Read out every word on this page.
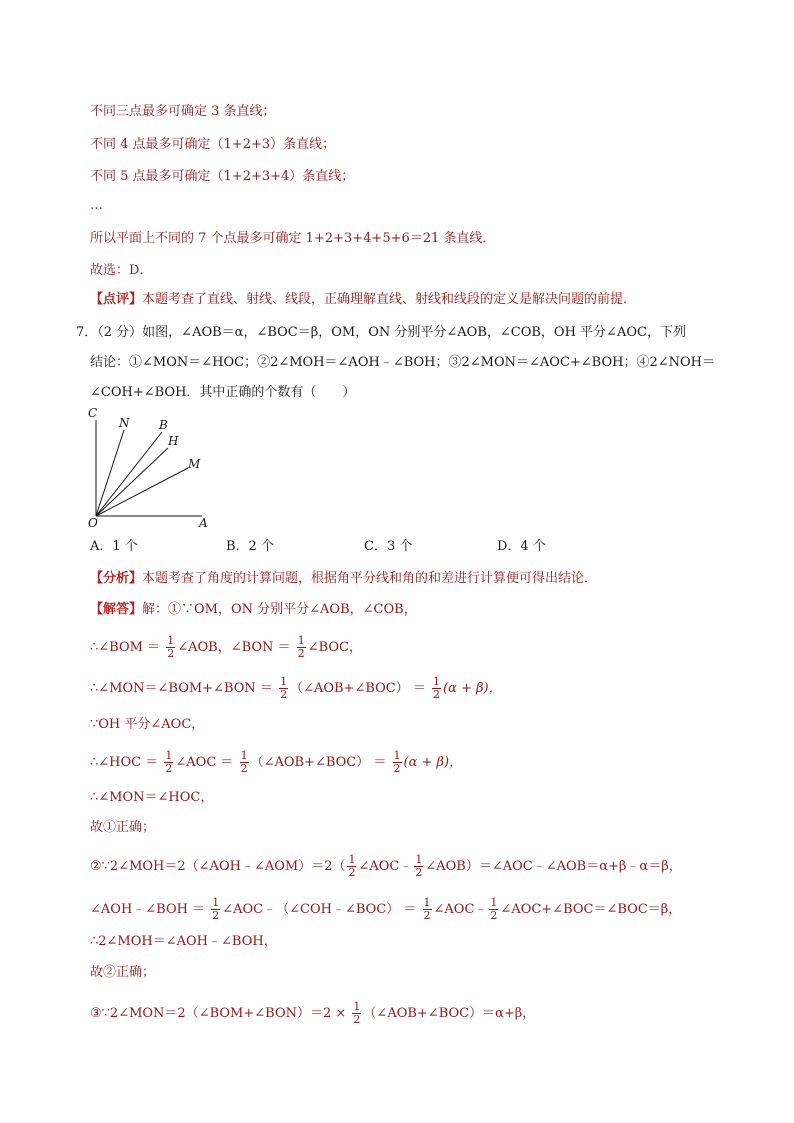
不同三点最多可确定 3 条直线；
不同 4 点最多可确定（1+2+3）条直线；
不同 5 点最多可确定（1+2+3+4）条直线；
…
所以平面上不同的 7 个点最多可确定 1+2+3+4+5+6＝21 条直线．
故选：D．
【点评】本题考查了直线、射线、线段，正确理解直线、射线和线段的定义是解决问题的前提．
7．（2 分）如图，∠AOB＝α，∠BOC＝β，OM，ON 分别平分∠AOB，∠COB，OH 平分∠AOC，下列
结论：①∠MON＝∠HOC；②2∠MOH＝∠AOH﹣∠BOH；③2∠MON＝∠AOC+∠BOH；④2∠NOH＝
∠COH+∠BOH．其中正确的个数有（　　）
C
N B
H
M
O	A
A．1 个	B．2 个	C．3 个	D．4 个
【分析】本题考查了角度的计算问题，根据角平分线和角的和差进行计算便可得出结论．
【解答】解：①∵OM，ON 分别平分∠AOB，∠COB，
∴∠BOM ＝ $\frac{1}{2}$ ∠AOB，∠BON ＝ $\frac{1}{2}$ ∠BOC，
∴∠MON＝∠BOM+∠BON ＝ $\frac{1}{2}$ （∠AOB+∠BOC） ＝ $\frac{1}{2} (\alpha + \beta)$，
∵OH 平分∠AOC，
∴∠HOC ＝ $\frac{1}{2}$ ∠AOC ＝ $\frac{1}{2}$ （∠AOB+∠BOC） ＝ $\frac{1}{2} (\alpha + \beta)$，
∴∠MON＝∠HOC，
故①正确；
②∵2∠MOH＝2（∠AOH﹣∠AOM）＝2（ $\frac{1}{2}$ ∠AOC﹣ $\frac{1}{2}$ ∠AOB）＝∠AOC﹣∠AOB＝α+β﹣α＝β，
∠AOH﹣∠BOH ＝ $\frac{1}{2}$ ∠AOC﹣（∠COH﹣∠BOC） ＝ $\frac{1}{2}$ ∠AOC﹣ $\frac{1}{2}$ ∠AOC+∠BOC＝∠BOC＝β，
∴2∠MOH＝∠AOH﹣∠BOH，
故②正确；
③∵2∠MON＝2（∠BOM+∠BON）＝2 × $\frac{1}{2}$ （∠AOB+∠BOC）＝α+β，
